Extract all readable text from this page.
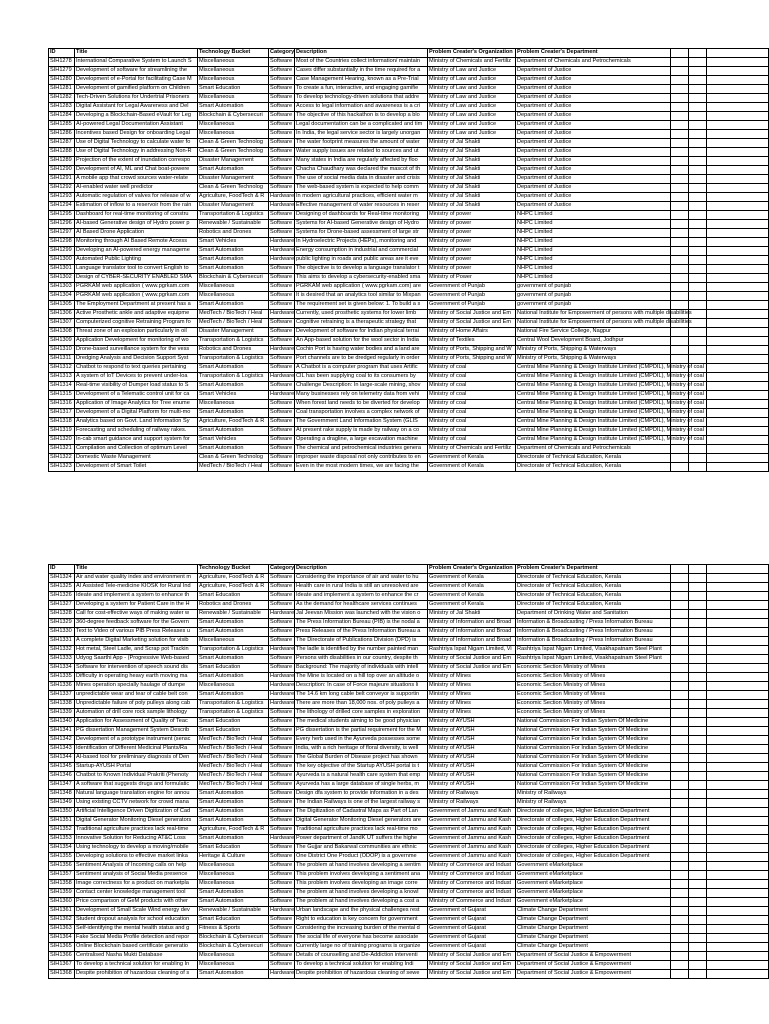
ID	Title	Technology Bucket	Category	Description	Problem Creater's Organization	Problem Creater's Department			
SIH1278	International Comparative System to Launch S	Miscellaneous	Software	Most of the Countries collect information/ maintain	Ministry of Chemicals and Fertiliz	Department of Chemicals and Petrochemicals			
SIH1279	Development of software for streamlining the	Miscellaneous	Software	Cases differ substantially in the time required for a	Ministry of Law and Justice	Department of Justice			
SIH1280	Development of e-Portal for facilitating Case M	Miscellaneous	Software	Case Management Hearing, known as a Pre-Trial	Ministry of Law and Justice	Department of Justice			
SIH1281	Development of gamified platform on Children	Smart Education	Software	To create a fun, interactive, and engaging gamifie	Ministry of Law and Justice	Department of Justice			
SIH1282	Tech-Driven Solutions for Undertrial Prisoners	Miscellaneous	Software	To develop technology-driven solutions that addre	Ministry of Law and Justice	Department of Justice			
SIH1283	Digital Assistant for Legal Awareness and Del	Smart Automation	Software	Access to legal information and awareness is a cri	Ministry of Law and Justice	Department of Justice			
SIH1284	Developing a Blockchain-Based eVault for Leg	Blockchain & Cybersecuri	Software	The objective of this hackathon is to develop a blo	Ministry of Law and Justice	Department of Justice			
SIH1285	AI-powered Legal Documentation Assistant	Miscellaneous	Software	Legal documentation can be a complicated and tim	Ministry of Law and Justice	Department of Justice			
SIH1286	Incentives based Design for onboarding Legal	Miscellaneous	Software	In India, the legal service sector is largely unorgan	Ministry of Law and Justice	Department of Justice			
SIH1287	Use of Digital Technology to calculate water fo	Clean & Green Technolog	Software	The water footprint measures the amount of water	Ministry of Jal Shakti	Department of Justice			
SIH1288	Use of Digital Technology in addressing Non-R	Clean & Green Technolog	Software	Water supply issues are related to sources and ut	Ministry of Jal Shakti	Department of Justice			
SIH1289	Projection of the extent of inundation correspo	Disaster Management	Software	Many states in India are regularly affected by floo	Ministry of Jal Shakti	Department of Justice			
SIH1290	Development of AI, ML and Chat boat-powere	Smart Automation	Software	Chacha Chaudhary was declared the mascot of th	Ministry of Jal Shakti	Department of Justice			
SIH1291	A mobile app that crowd sources water-relate	Disaster Management	Software	The use of social media data in disaster and crisis	Ministry of Jal Shakti	Department of Justice			
SIH1292	AI-enabled water well predictor	Clean & Green Technolog	Software	The web-based system is expected to help comm	Ministry of Jal Shakti	Department of Justice			
SIH1293	Automatic regulation of valves for release of w	Agriculture, FoodTech & R	Hardware	In modern agricultural practices, efficient water m	Ministry of Jal Shakti	Department of Justice			
SIH1294	Estimation of inflow to a reservoir from the rain	Disaster Management	Hardware	Effective management of water resources in reser	Ministry of Jal Shakti	Department of Justice			
SIH1295	Dashboard for real-time monitoring of constru	Transportation & Logistics	Software	Designing of dashboards for Real-time monitoring	Ministry of power	NHPC Limited			
SIH1296	AI-based Generative design of Hydro power p	Renewable / Sustainable	Software	Systems for AI-based Generative design of Hydro	Ministry of power	NHPC Limited			
SIH1297	AI Based Drone Application	Robotics and Drones	Software	Systems for Drone-based assessment of large str	Ministry of power	NHPC Limited			
SIH1298	Monitoring through AI Based Remote Access	Smart Vehicles	Hardware	In Hydroelectric Projects (HEPs), monitoring and	Ministry of power	NHPC Limited			
SIH1299	Developing an AI-powered energy manageme	Smart Automation	Hardware	Energy consumption in industrial and commercial	Ministry of power	NHPC Limited			
SIH1300	Automated Public Lighting	Smart Automation	Hardware	public lighting in roads and public areas are it eve	Ministry of power	NHPC Limited			
SIH1301	Language translator tool to convert English to	Smart Automation	Software	The objective is to develop a language translator t	Ministry of power	NHPC Limited			
SIH1302	Design of CYBER-SECURITY ENABLED SMA	Blockchain & Cybersecuri	Software	This aims to develop a cybersecurity-enabled sma	Ministry of Power	NHPC Limited			
SIH1303	PGRKAM web application ( www.pgrkam.com	Miscellaneous	Software	PGRKAM web application ( www.pgrkam.com) are	Government of Punjab	government of punjab			
SIH1304	PGRKAM web application ( www.pgrkam.com	Miscellaneous	Software	It is desired that an analytics tool similar to Mixpan	Government of Punjab	government of punjab			
SIH1305	The Employment Department at present has a	Smart Automation	Software	The requirement set is given below: 1. To build a s	Government of Punjab	government of punjab			
SIH1306	Active Prosthetic ankle and adaptive equipme	MedTech / BioTech / Heal	Hardware	Currently, used prosthetic systems for lower limb	Ministry of Social Justice and Em	National Institute for Empowerment of persons with multiple disabilities			
SIH1307	Computerized cognitive Retraining Program fo	MedTech / BioTech / Heal	Software	Cognitive retraining is a therapeutic strategy that	Ministry of Social Justice and Em	National Institute for Empowerment of persons with multiple disabilities			
SIH1308	Threat zone of an explosion particularly in oil	Disaster Management	Software	Development of software for Indian physical terrai	Ministry of Home Affairs	National Fire Service College, Nagpur			
SIH1309	Application Development for monitoring of wo	Transportation & Logistics	Software	An App-based solution for the wool sector in India	Ministry of Textiles	Central Wool Development Board, Jodhpur			
SIH1310	Drone-based surveillance system for the vess	Robotics and Drones	Hardware	Cochin Port is having water bodies and a land are	Ministry of Ports, Shipping and W	Ministry of Ports, Shipping & Waterways			
SIH1311	Dredging Analysis and Decision Support Syst	Transportation & Logistics	Software	Port channels are to be dredged regularly in order	Ministry of Ports, Shipping and W	Ministry of Ports, Shipping & Waterways			
SIH1312	Chatbot to respond to text queries pertaining	Smart Automation	Software	A Chatbot is a computer program that uses Artific	Ministry of coal	Central Mine Planning & Design Institute Limited (CMPDIL), Ministry of coal			
SIH1313	A system of IoT Devices to prevent under-loa	Transportation & Logistics	Hardware	CIL has been supplying coal to its consumers by	Ministry of coal	Central Mine Planning & Design Institute Limited (CMPDIL), Ministry of coal			
SIH1314	Real-time visibility of Dumper load status to S	Smart Automation	Software	Challenge Description: In large-scale mining, shov	Ministry of coal	Central Mine Planning & Design Institute Limited (CMPDIL), Ministry of coal			
SIH1315	Development of a Telematic control unit for ca	Smart Vehicles	Hardware	Many businesses rely on telemetry data from vehi	Ministry of coal	Central Mine Planning & Design Institute Limited (CMPDIL), Ministry of coal			
SIH1316	Application of Image Analytics for Tree enume	Miscellaneous	Software	When forest land needs to be diverted for develop	Ministry of coal	Central Mine Planning & Design Institute Limited (CMPDIL), Ministry of coal			
SIH1317	Development of a Digital Platform for multi-mo	Smart Automation	Software	Coal transportation involves a complex network of	Ministry of coal	Central Mine Planning & Design Institute Limited (CMPDIL), Ministry of coal			
SIH1318	Analytics based on Govt. Land Information Sy	Agriculture, FoodTech & R	Software	The Government Land Information System (GLIS	Ministry of coal	Central Mine Planning & Design Institute Limited (CMPDIL), Ministry of coal			
SIH1319	Forecasting and scheduling of railway rakes.	Smart Automation	Software	At present rake supply is made by railway on a co	Ministry of coal	Central Mine Planning & Design Institute Limited (CMPDIL), Ministry of coal			
SIH1320	In-cab smart guidance and support system for	Smart Vehicles	Software	Operating a dragline, a large excavation machine	Ministry of coal	Central Mine Planning & Design Institute Limited (CMPDIL), Ministry of coal			
SIH1321	Compilation and Collection of optimum Level	Smart Automation	Software	The chemical and petrochemical industries genera	Ministry of Chemicals and Fertiliz	Department of Chemicals and Petrochemicals			
SIH1322	Domestic Waste Management	Clean & Green Technolog	Software	Improper waste disposal not only contributes to en	Government of Kerala	Directorate of Technical Education, Kerala			
SIH1323	Development of Smart Toilet	MedTech / BioTech / Heal	Software	Even in the most modern times, we are facing the	Government of Kerala	Directorate of Technical Education, Kerala			
ID	Title	Technology Bucket	Category	Description	Problem Creater's Organization	Problem Creater's Department			
SIH1324	Air and water quality index and environment m	Agriculture, FoodTech & R	Software	Considering the importance of air and water to hu	Government of Kerala	Directorate of Technical Education, Kerala			
SIH1325	AI Assisted Tele-medicine KIOSK for Rural Ind	Agriculture, FoodTech & R	Software	Health care in rural India is still an unresolved are	Government of Kerala	Directorate of Technical Education, Kerala			
SIH1326	Ideate and implement a system to enhance th	Smart Education	Software	Ideate and implement a system to enhance the cr	Government of Kerala	Directorate of Technical Education, Kerala			
SIH1327	Developing a system for Patient Care in the H	Robotics and Drones	Software	As the demand for healthcare services continues	Government of Kerala	Directorate of Technical Education, Kerala			
SIH1328	Call for cost-effective ways of making water w	Renewable / Sustainable	Hardware	Jal Jeevan Mission was launched with the vision o	Ministry of Jal Shakti	Department of Drinking Water and Sanitation			
SIH1329	360-degree feedback software for the Govern	Smart Automation	Software	The Press Information Bureau (PIB) is the nodal a	Ministry of Information and Broad	Information & Broadcasting / Press Information Bureau			
SIH1330	Text to Video of various PIB Press Releases u	Smart Automation	Software	Press Releases of the Press Information Bureau a	Ministry of Information and Broad	Information & Broadcasting / Press Information Bureau			
SIH1331	A complete Digital Marketing solution for visib	Miscellaneous	Software	The Directorate of Publications Division (DPD) is	Ministry of Information and Broad	Information & Broadcasting / Press Information Bureau			
SIH1332	Hot metal, Steel Ladle, and Scrap pot Trackin	Transportation & Logistics	Hardware	The ladle is identified by the number painted man	Rashtriya Ispat Nigam Limited, Vi	Rashtriya Ispat Nigam Limited, Visakhapatnam Steel Plant			
SIH1333	Udyog Saarthi App - (Progressive Web-based	Smart Automation	Software	Persons with disabilities in our country, despite th	Ministry of Social Justice and Em	Rashtriya Ispat Nigam Limited, Visakhapatnam Steel Plant			
SIH1334	Software for intervention of speech sound dis	Smart Education	Software	Background: The majority of individuals with intell	Ministry of Social Justice and Em	Economic Section Ministry of Mines			
SIH1335	Difficulty in operating heavy earth moving ma	Smart Automation	Hardware	The Mine is located on a hill top over an altitude o	Ministry of Mines	Economic Section Ministry of Mines			
SIH1336	Mines operation specially haulage of dumpe	Miscellaneous	Hardware	Description: In case of Force majeure situations li	Ministry of Mines	Economic Section Ministry of Mines			
SIH1337	unpredictable wear and tear of cable belt con	Smart Automation	Hardware	The 14.6 km long cable belt conveyor is supportin	Ministry of Mines	Economic Section Ministry of Mines			
SIH1338	Unpredictable failure of poly pulleys along cab	Transportation & Logistics	Hardware	There are more than 18,000 nos. of poly pulleys a	Ministry of Mines	Economic Section Ministry of Mines			
SIH1339	Automation of drill core rock sample lithology	Transportation & Logistics	Software	The lithology of drilled core samples in exploration	Ministry of Mines	Economic Section Ministry of Mines			
SIH1340	Application for Assessment of Quality of Teac	Smart Education	Software	The medical students aiming to be good physician	Ministry of AYUSH	National Commission For Indian System Of Medicine			
SIH1341	PG dissertation Management System Describ	Smart Education	Software	PG dissertation is the partial requirement for the M	Ministry of AYUSH	National Commission For Indian System Of Medicine			
SIH1342	Development of a prototype instrument (sensc	MedTech / BioTech / Heal	Software	Every herb used in the Ayurveda possesses some	Ministry of AYUSH	National Commission For Indian System Of Medicine			
SIH1343	Identification of Different Medicinal Plants/Ra	MedTech / BioTech / Heal	Software	India, with a rich heritage of floral diversity, is well	Ministry of AYUSH	National Commission For Indian System Of Medicine			
SIH1344	AI-based tool for preliminary diagnosis of Den	MedTech / BioTech / Heal	Software	The Global Burden of Disease project has shown	Ministry of AYUSH	National Commission For Indian System Of Medicine			
SIH1345	Startup-AYUSH Portal	MedTech / BioTech / Heal	Software	The key objective of the Startup AYUSH portal is t	Ministry of AYUSH	National Commission For Indian System Of Medicine			
SIH1346	Chatbot to Known Individual Prakriti (Phenoty	MedTech / BioTech / Heal	Software	Ayurveda is a natural health care system that emp	Ministry of AYUSH	National Commission For Indian System Of Medicine			
SIH1347	A software that suggests drugs and formulatic	MedTech / BioTech / Heal	Software	Ayurveda has a large database of single herbs, m	Ministry of AYUSH	National Commission For Indian System Of Medicine			
SIH1348	Natural language translation engine for annou	Smart Automation	Software	Design dfa system to provide information in a des	Ministry of Railways	Ministry of Railways			
SIH1349	Using existing CCTV network for crowd mana	Smart Automation	Software	The Indian Railways is one of the largest railway s	Ministry of Railways	Ministry of Railways			
SIH1350	Artificial Intelligence Driven Digitization of Cad	Smart Automation	Software	The Digitization of Cadastral Maps as Part of Lan	Government of Jammu and Kash	Directorate of colleges, Higher Education Department			
SIH1351	Digital Generator Monitoring Diesel generators	Smart Automation	Software	Digital Generator Monitoring Diesel generators are	Government of Jammu and Kash	Directorate of colleges, Higher Education Department			
SIH1352	Traditional agriculture practices lack real-time	Agriculture, FoodTech & R	Software	Traditional agriculture practices lack real-time mo	Government of Jammu and Kash	Directorate of colleges, Higher Education Department			
SIH1353	Innovative Solution for Reducing AT&C Loss	Smart Automation	Hardware	Power department of JandK UT suffers the highe	Government of Jammu and Kash	Directorate of colleges, Higher Education Department			
SIH1354	Using technology to develop a moving/mobile	Smart Education	Software	The Gujjar and Bakarwal communities are ethnic	Government of Jammu and Kash	Directorate of colleges, Higher Education Department			
SIH1355	Developing solutions to effective market linka	Heritage & Culture	Software	One District One Product (ODOP) is a governme	Government of Jammu and Kash	Directorate of colleges, Higher Education Department			
SIH1356	Sentiment Analysis of Incoming calls on help	Miscellaneous	Software	The problem at hand involves developing a sentim	Ministry of Commerce and Indust	Government eMarketplace			
SIH1357	Sentiment analysis of Social Media presence	Miscellaneous	Software	This problem involves developing a sentiment ana	Ministry of Commerce and Indust	Government eMarketplace			
SIH1358	Image correctness for a product on marketpla	Miscellaneous	Software	This problem involves developing an image corre	Ministry of Commerce and Indust	Government eMarketplace			
SIH1359	Contact center knowledge management tool	Smart Automation	Software	The problem at hand involves developing a knowl	Ministry of Commerce and Indust	Government eMarketplace			
SIH1360	Price comparison of GeM products with other	Smart Automation	Software	The problem at hand involves developing a cost a	Ministry of Commerce and Indust	Government eMarketplace			
SIH1361	Development of Small Scale Wind energy dev	Renewable / Sustainable	Hardware	Urban landscape and the physical challenges rest	Government of Gujarat	Climate Change Department			
SIH1362	Student dropout analysis for school education	Smart Education	Software	Right to education is key concern for government	Government of Gujarat	Climate Change Department			
SIH1363	Self-identifying the mental health status and g	Fitness & Sports	Software	Considering the increasing burden of the mental d	Government of Gujarat	Climate Change Department			
SIH1364	Fake Social Media Profile detection and repor	Blockchain & Cybersecuri	Software	The social life of everyone has become associate	Government of Gujarat	Climate Change Department			
SIH1365	Online Blockchain based certificate generatio	Blockchain & Cybersecuri	Software	Currently large no of training programs is organize	Government of Gujarat	Climate Change Department			
SIH1366	Centralised Nasha Mukti Database	Miscellaneous	Software	Details of counselling and De-Addiction interventi	Ministry of Social Justice and Em	Department of Social Justice & Empowerment			
SIH1367	To develop a technical solution for enabling In	Miscellaneous	Software	To develop a technical solution for enabling Indi	Ministry of Social Justice and Em	Department of Social Justice & Empowerment			
SIH1368	Despite prohibition of hazardous cleaning of s	Smart Automation	Hardware	Despite prohibition of hazardous cleaning of sewe	Ministry of Social Justice and Em	Department of Social Justice & Empowerment			
